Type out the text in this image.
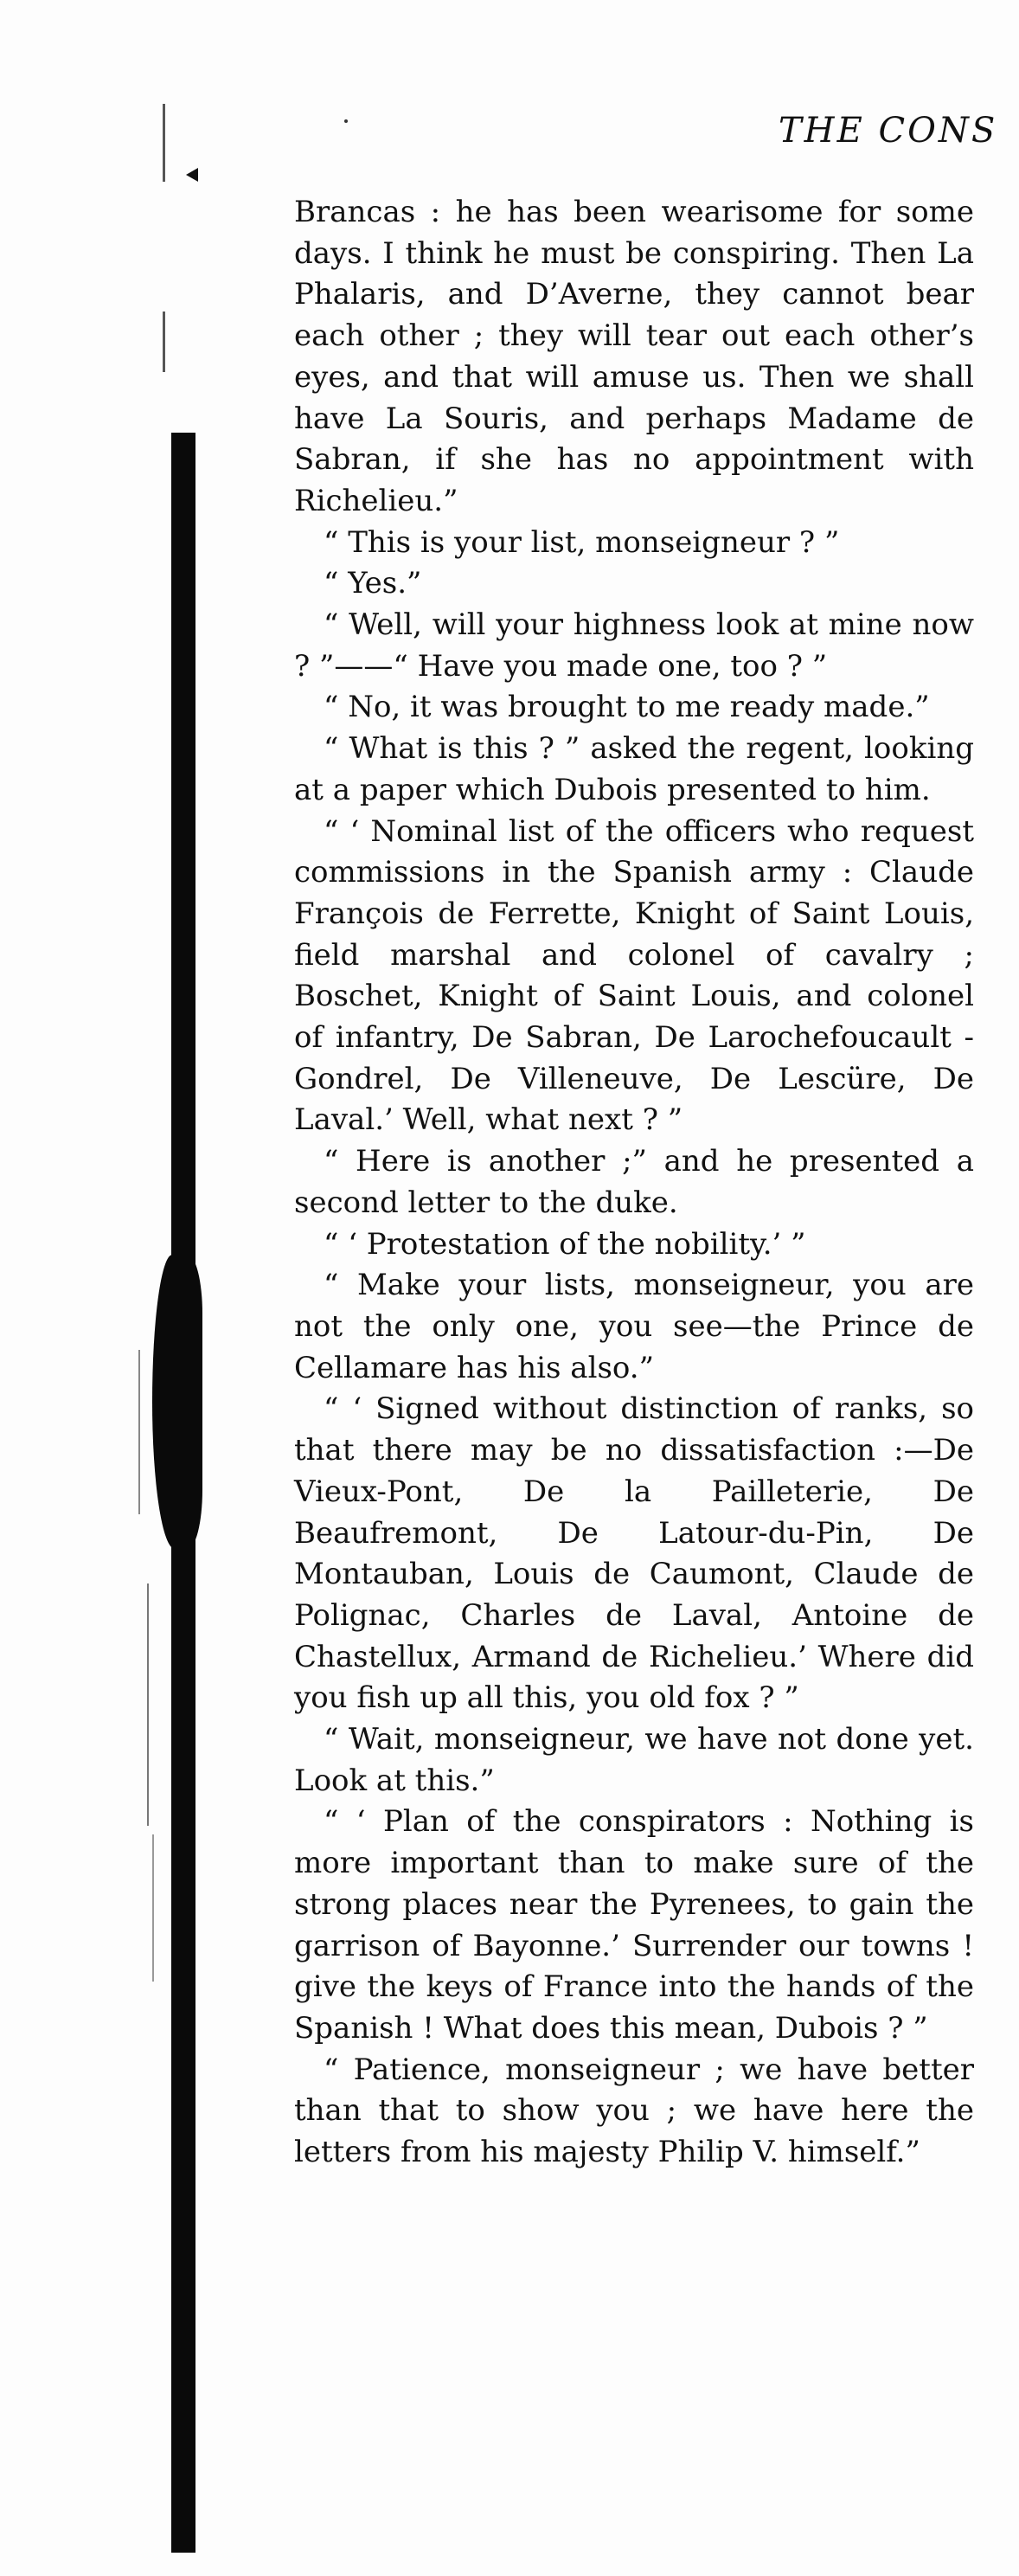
THE CONS

Brancas : he has been wearisome for some days. I think he must be conspiring. Then La Phalaris, and D’Averne, they cannot bear each other ; they will tear out each other’s eyes, and that will amuse us. Then we shall have La Souris, and perhaps Madame de Sabran, if she has no appointment with Richelieu.”

“ This is your list, monseigneur ? ”

“ Yes.”

“ Well, will your highness look at mine now ? ”——“ Have you made one, too ? ”

“ No, it was brought to me ready made.”

“ What is this ? ” asked the regent, looking at a paper which Dubois presented to him.

“ ‘ Nominal list of the officers who request commissions in the Spanish army : Claude François de Ferrette, Knight of Saint Louis, field marshal and colonel of cavalry ; Boschet, Knight of Saint Louis, and colonel of infantry, De Sabran, De Larochefoucault - Gondrel, De Villeneuve, De Lescüre, De Laval.’ Well, what next ? ”

“ Here is another ;” and he presented a second letter to the duke.

“ ‘ Protestation of the nobility.’ ”

“ Make your lists, monseigneur, you are not the only one, you see—the Prince de Cellamare has his also.”

“ ‘ Signed without distinction of ranks, so that there may be no dissatisfaction :—De Vieux-Pont, De la Pailleterie, De Beaufremont, De Latour-du-Pin, De Montauban, Louis de Caumont, Claude de Polignac, Charles de Laval, Antoine de Chastellux, Armand de Richelieu.’ Where did you fish up all this, you old fox ? ”

“ Wait, monseigneur, we have not done yet. Look at this.”

“ ‘ Plan of the conspirators : Nothing is more important than to make sure of the strong places near the Pyrenees, to gain the garrison of Bayonne.’ Surrender our towns ! give the keys of France into the hands of the Spanish ! What does this mean, Dubois ? ”

“ Patience, monseigneur ; we have better than that to show you ; we have here the letters from his majesty Philip V. himself.”
